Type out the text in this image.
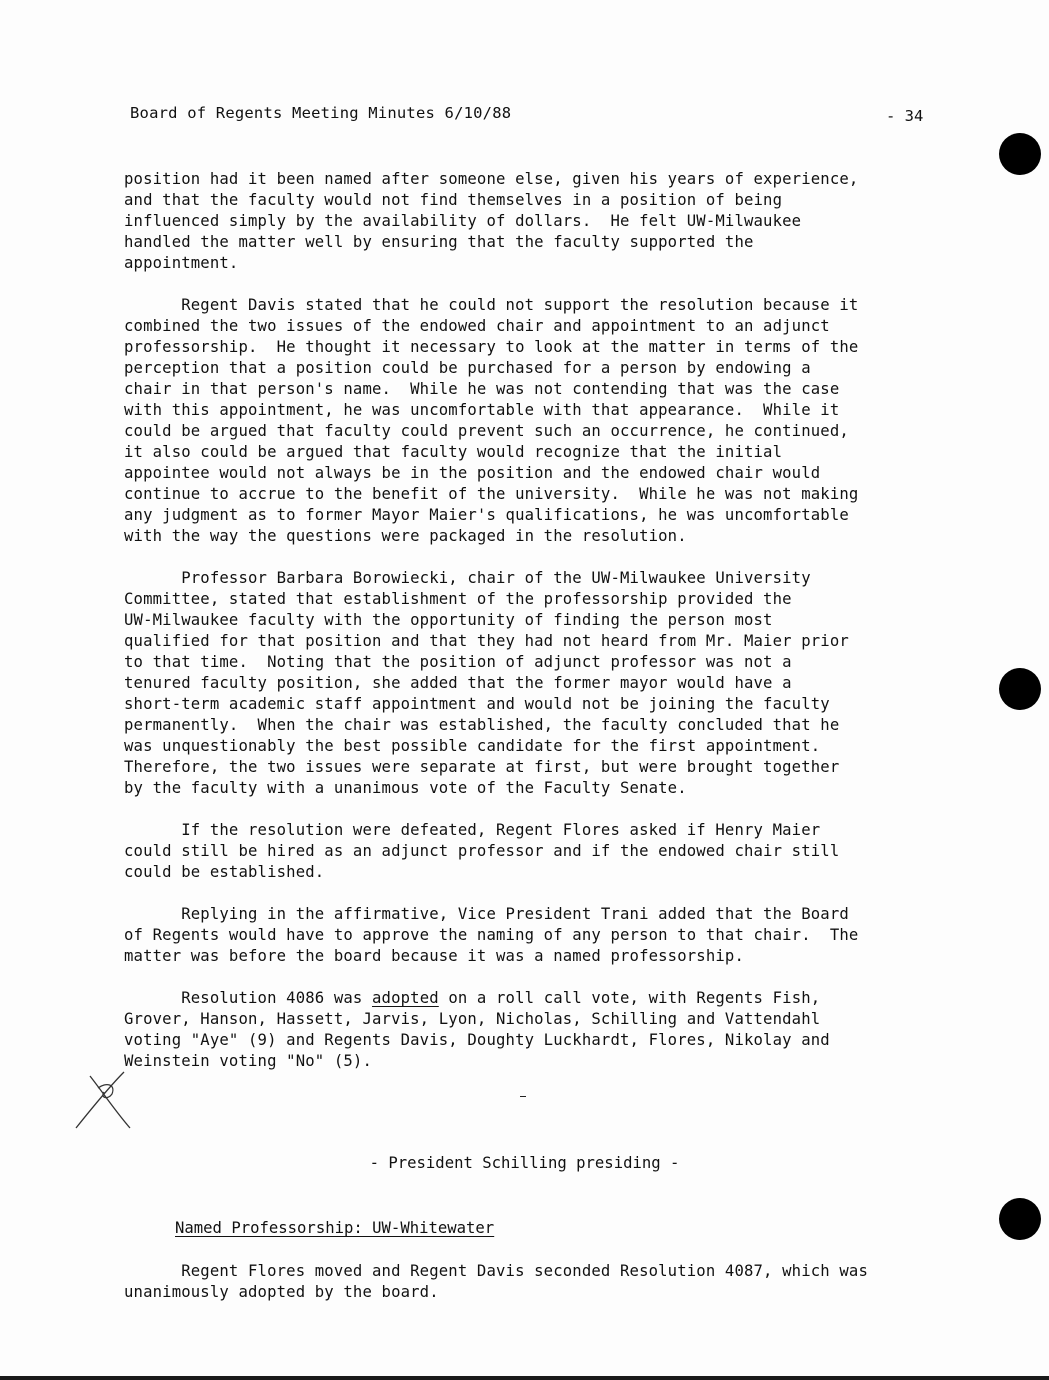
Board of Regents Meeting Minutes 6/10/88	- 34
position had it been named after someone else, given his years of experience,
and that the faculty would not find themselves in a position of being
influenced simply by the availability of dollars.  He felt UW-Milwaukee
handled the matter well by ensuring that the faculty supported the
appointment.
Regent Davis stated that he could not support the resolution because it
combined the two issues of the endowed chair and appointment to an adjunct
professorship.  He thought it necessary to look at the matter in terms of the
perception that a position could be purchased for a person by endowing a
chair in that person's name.  While he was not contending that was the case
with this appointment, he was uncomfortable with that appearance.  While it
could be argued that faculty could prevent such an occurrence, he continued,
it also could be argued that faculty would recognize that the initial
appointee would not always be in the position and the endowed chair would
continue to accrue to the benefit of the university.  While he was not making
any judgment as to former Mayor Maier's qualifications, he was uncomfortable
with the way the questions were packaged in the resolution.
Professor Barbara Borowiecki, chair of the UW-Milwaukee University
Committee, stated that establishment of the professorship provided the
UW-Milwaukee faculty with the opportunity of finding the person most
qualified for that position and that they had not heard from Mr. Maier prior
to that time.  Noting that the position of adjunct professor was not a
tenured faculty position, she added that the former mayor would have a
short-term academic staff appointment and would not be joining the faculty
permanently.  When the chair was established, the faculty concluded that he
was unquestionably the best possible candidate for the first appointment.
Therefore, the two issues were separate at first, but were brought together
by the faculty with a unanimous vote of the Faculty Senate.
If the resolution were defeated, Regent Flores asked if Henry Maier
could still be hired as an adjunct professor and if the endowed chair still
could be established.
Replying in the affirmative, Vice President Trani added that the Board
of Regents would have to approve the naming of any person to that chair.  The
matter was before the board because it was a named professorship.
Resolution 4086 was adopted on a roll call vote, with Regents Fish,
Grover, Hanson, Hassett, Jarvis, Lyon, Nicholas, Schilling and Vattendahl
voting "Aye" (9) and Regents Davis, Doughty Luckhardt, Flores, Nikolay and
Weinstein voting "No" (5).
- President Schilling presiding -
Named Professorship: UW-Whitewater
Regent Flores moved and Regent Davis seconded Resolution 4087, which was
unanimously adopted by the board.
